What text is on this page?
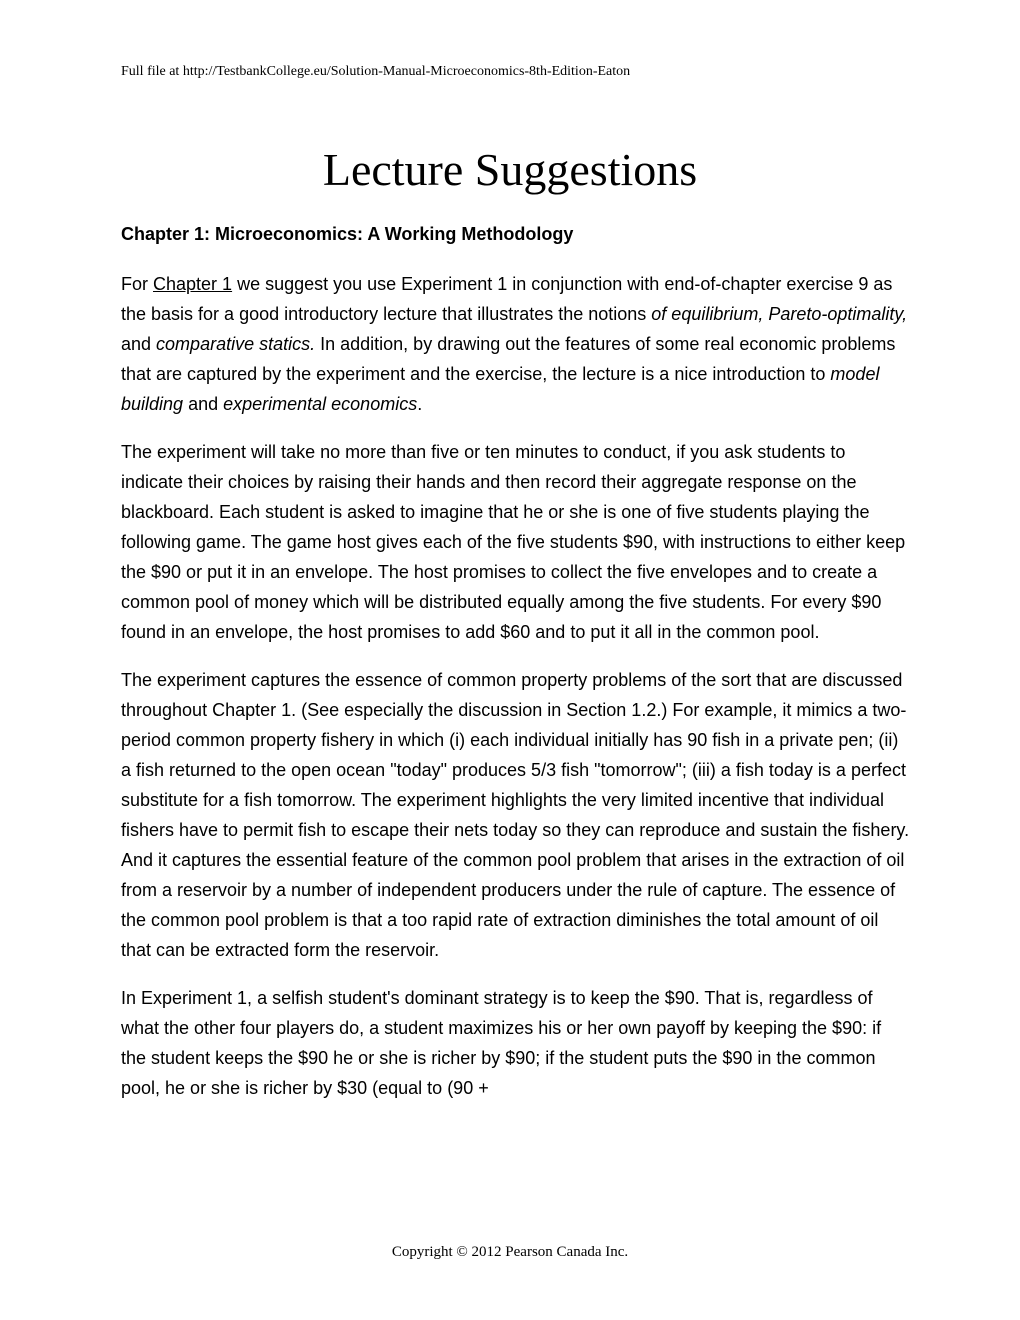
Full file at http://TestbankCollege.eu/Solution-Manual-Microeconomics-8th-Edition-Eaton
Lecture Suggestions
Chapter 1: Microeconomics: A Working Methodology

For Chapter 1 we suggest you use Experiment 1 in conjunction with end-of-chapter exercise 9 as the basis for a good introductory lecture that illustrates the notions of equilibrium, Pareto-optimality, and comparative statics. In addition, by drawing out the features of some real economic problems that are captured by the experiment and the exercise, the lecture is a nice introduction to model building and experimental economics.

The experiment will take no more than five or ten minutes to conduct, if you ask students to indicate their choices by raising their hands and then record their aggregate response on the blackboard. Each student is asked to imagine that he or she is one of five students playing the following game. The game host gives each of the five students $90, with instructions to either keep the $90 or put it in an envelope. The host promises to collect the five envelopes and to create a common pool of money which will be distributed equally among the five students. For every $90 found in an envelope, the host promises to add $60 and to put it all in the common pool.

The experiment captures the essence of common property problems of the sort that are discussed throughout Chapter 1. (See especially the discussion in Section 1.2.) For example, it mimics a two-period common property fishery in which (i) each individual initially has 90 fish in a private pen; (ii) a fish returned to the open ocean "today" produces 5/3 fish "tomorrow"; (iii) a fish today is a perfect substitute for a fish tomorrow. The experiment highlights the very limited incentive that individual fishers have to permit fish to escape their nets today so they can reproduce and sustain the fishery. And it captures the essential feature of the common pool problem that arises in the extraction of oil from a reservoir by a number of independent producers under the rule of capture. The essence of the common pool problem is that a too rapid rate of extraction diminishes the total amount of oil that can be extracted form the reservoir.

In Experiment 1, a selfish student's dominant strategy is to keep the $90. That is, regardless of what the other four players do, a student maximizes his or her own payoff by keeping the $90: if the student keeps the $90 he or she is richer by $90; if the student puts the $90 in the common pool, he or she is richer by $30 (equal to (90 +

Copyright © 2012 Pearson Canada Inc.
